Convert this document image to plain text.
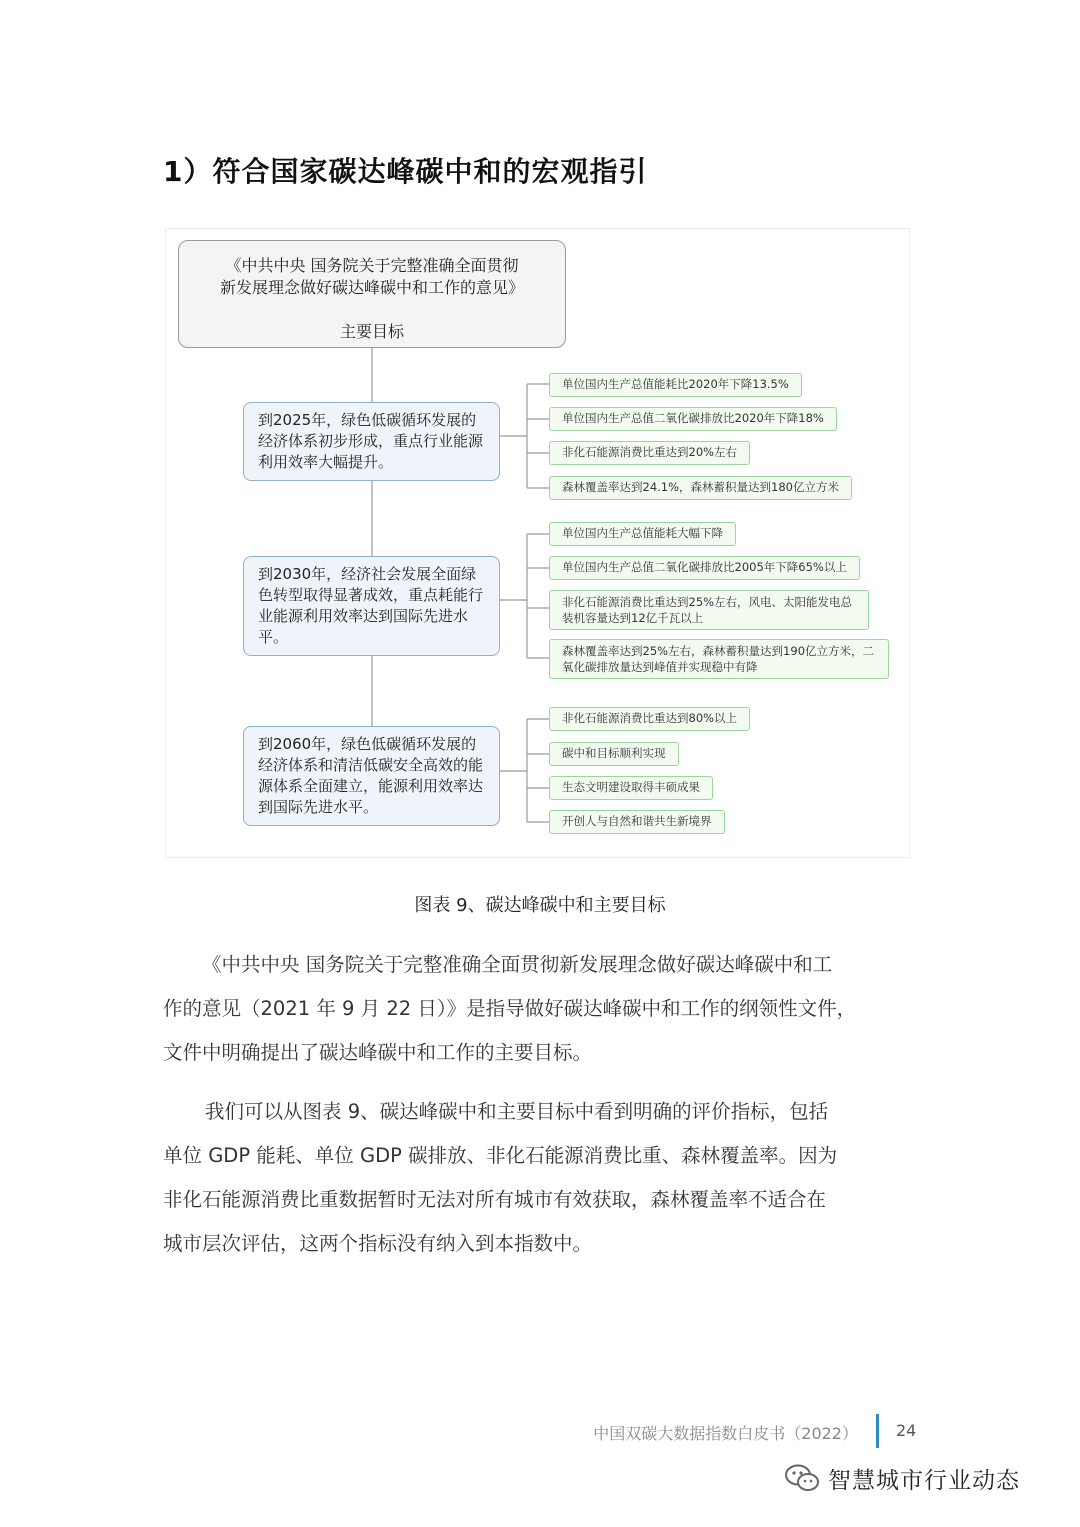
1）符合国家碳达峰碳中和的宏观指引
《中共中央 国务院关于完整准确全面贯彻
新发展理念做好碳达峰碳中和工作的意见》
主要目标
到2025年，绿色低碳循环发展的经济体系初步形成，重点行业能源利用效率大幅提升。
到2030年，经济社会发展全面绿色转型取得显著成效，重点耗能行业能源利用效率达到国际先进水平。
到2060年，绿色低碳循环发展的经济体系和清洁低碳安全高效的能源体系全面建立，能源利用效率达到国际先进水平。
单位国内生产总值能耗比2020年下降13.5%
单位国内生产总值二氧化碳排放比2020年下降18%
非化石能源消费比重达到20%左右
森林覆盖率达到24.1%，森林蓄积量达到180亿立方米
单位国内生产总值能耗大幅下降
单位国内生产总值二氧化碳排放比2005年下降65%以上
非化石能源消费比重达到25%左右，风电、太阳能发电总装机容量达到12亿千瓦以上
森林覆盖率达到25%左右，森林蓄积量达到190亿立方米，二氧化碳排放量达到峰值并实现稳中有降
非化石能源消费比重达到80%以上
碳中和目标顺利实现
生态文明建设取得丰硕成果
开创人与自然和谐共生新境界
图表 9、碳达峰碳中和主要目标
《中共中央 国务院关于完整准确全面贯彻新发展理念做好碳达峰碳中和工
作的意见（2021 年 9 月 22 日）》是指导做好碳达峰碳中和工作的纲领性文件，
文件中明确提出了碳达峰碳中和工作的主要目标。
我们可以从图表 9、碳达峰碳中和主要目标中看到明确的评价指标，包括
单位 GDP 能耗、单位 GDP 碳排放、非化石能源消费比重、森林覆盖率。因为
非化石能源消费比重数据暂时无法对所有城市有效获取，森林覆盖率不适合在
城市层次评估，这两个指标没有纳入到本指数中。
中国双碳大数据指数白皮书（2022） 24
智慧城市行业动态
